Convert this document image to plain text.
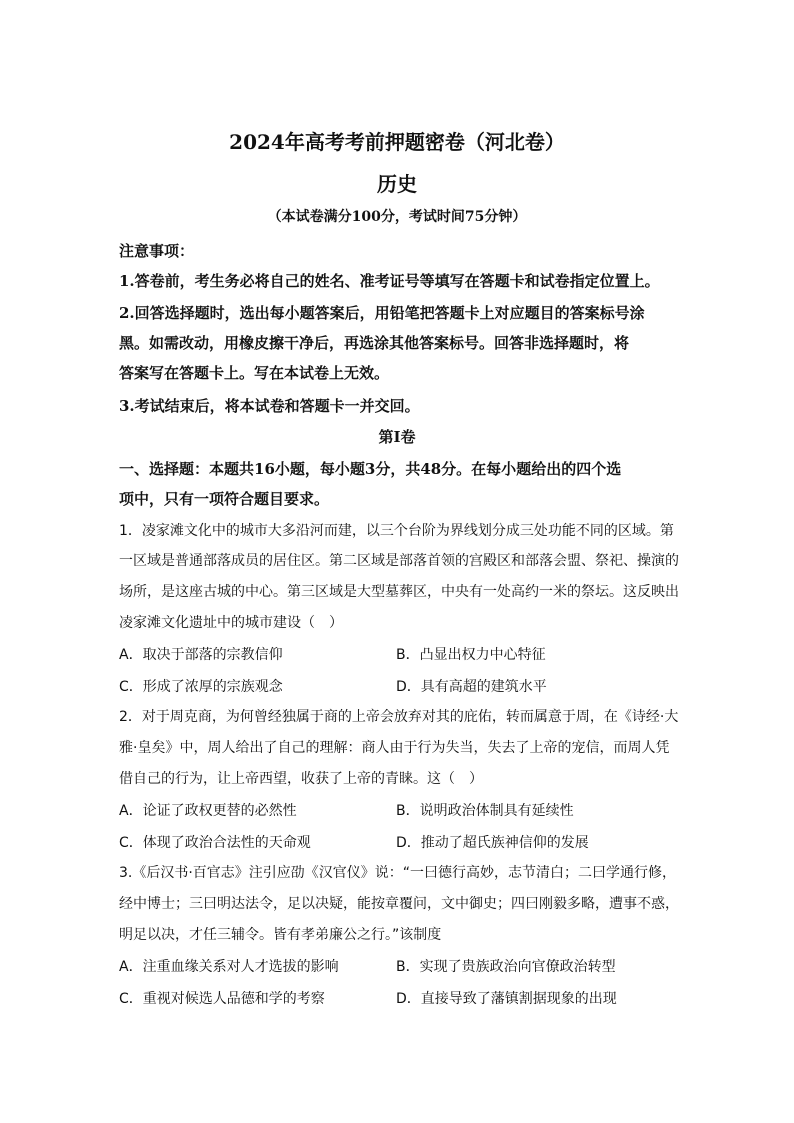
2024年高考考前押题密卷（河北卷）
历史
（本试卷满分100分，考试时间75分钟）
注意事项：
1.答卷前，考生务必将自己的姓名、准考证号等填写在答题卡和试卷指定位置上。
2.回答选择题时，选出每小题答案后，用铅笔把答题卡上对应题目的答案标号涂
黑。如需改动，用橡皮擦干净后，再选涂其他答案标号。回答非选择题时，将
答案写在答题卡上。写在本试卷上无效。
3.考试结束后，将本试卷和答题卡一并交回。
第Ⅰ卷
一、选择题：本题共16小题，每小题3分，共48分。在每小题给出的四个选
项中，只有一项符合题目要求。
1．凌家滩文化中的城市大多沿河而建，以三个台阶为界线划分成三处功能不同的区域。第
一区域是普通部落成员的居住区。第二区域是部落首领的宫殿区和部落会盟、祭祀、操演的
场所，是这座古城的中心。第三区域是大型墓葬区，中央有一处高约一米的祭坛。这反映出
凌家滩文化遗址中的城市建设（　）
A．取决于部落的宗教信仰	B．凸显出权力中心特征
C．形成了浓厚的宗族观念	D．具有高超的建筑水平
2．对于周克商，为何曾经独属于商的上帝会放弃对其的庇佑，转而属意于周，在《诗经·大
雅·皇矣》中，周人给出了自己的理解：商人由于行为失当，失去了上帝的宠信，而周人凭
借自己的行为，让上帝西望，收获了上帝的青睐。这（　）
A．论证了政权更替的必然性	B．说明政治体制具有延续性
C．体现了政治合法性的天命观	D．推动了超氏族神信仰的发展
3.《后汉书·百官志》注引应劭《汉官仪》说：“一曰德行高妙，志节清白；二曰学通行修，
经中博士；三曰明达法令，足以决疑，能按章覆问，文中御史；四曰刚毅多略，遭事不惑，
明足以决，才任三辅令。皆有孝弟廉公之行。”该制度
A．注重血缘关系对人才选拔的影响	B．实现了贵族政治向官僚政治转型
C．重视对候选人品德和学的考察	D．直接导致了藩镇割据现象的出现
